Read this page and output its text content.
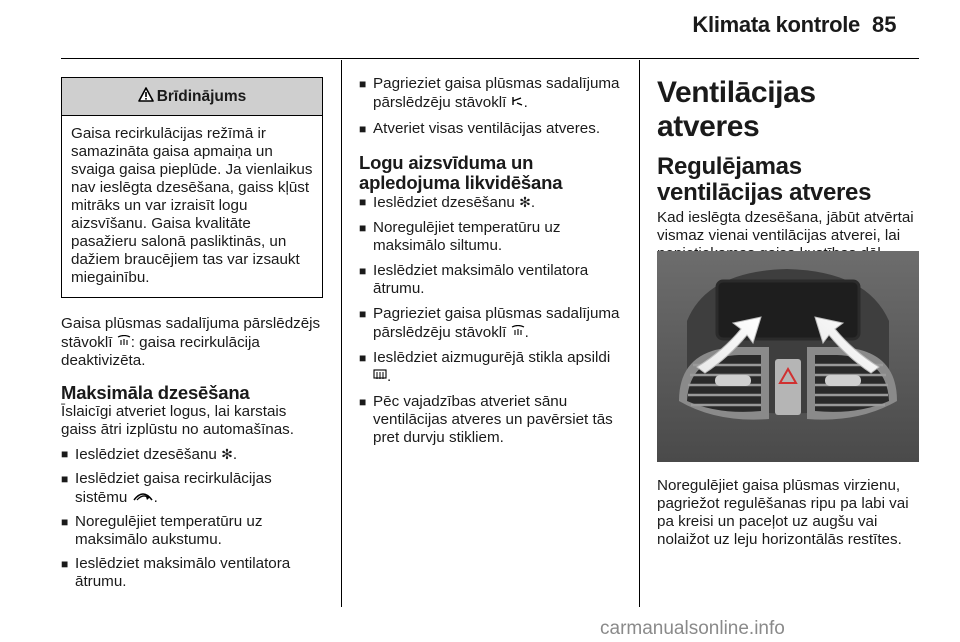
Klimata kontrole 85
Brīdinājums
Gaisa recirkulācijas režīmā ir samazināta gaisa apmaiņa un svaiga gaisa pieplūde. Ja vienlaikus nav ieslēgta dzesēšana, gaiss kļūst mitrāks un var izraisīt logu aizsvīšanu. Gaisa kvalitāte pasažieru salonā pasliktinās, un dažiem braucējiem tas var izsaukt miegainību.

Gaisa plūsmas sadalījuma pārslēdzējs stāvoklī : gaisa recirkulācija deaktivizēta.

Maksimāla dzesēšana

Īslaicīgi atveriet logus, lai karstais gaiss ātri izplūstu no automašīnas.

■ Ieslēdziet dzesēšanu ✻.
■ Ieslēdziet gaisa recirkulācijas sistēmu .
■ Noregulējiet temperatūru uz maksimālo aukstumu.
■ Ieslēdziet maksimālo ventilatora ātrumu.
■ Pagrieziet gaisa plūsmas sadalījuma pārslēdzēju stāvoklī .
■ Atveriet visas ventilācijas atveres.
Logu aizsvīduma un apledojuma likvidēšana
■ Ieslēdziet dzesēšanu ✻.
■ Noregulējiet temperatūru uz maksimālo siltumu.
■ Ieslēdziet maksimālo ventilatora ātrumu.
■ Pagrieziet gaisa plūsmas sadalījuma pārslēdzēju stāvoklī .
■ Ieslēdziet aizmugurējā stikla apsildi .
■ Pēc vajadzības atveriet sānu ventilācijas atveres un pavērsiet tās pret durvju stikliem.
Ventilācijas atveres
Regulējamas ventilācijas atveres

Kad ieslēgta dzesēšana, jābūt atvērtai vismaz vienai ventilācijas atverei, lai

Noregulējiet gaisa plūsmas virzienu, pagriežot regulēšanas ripu pa labi vai pa kreisi un paceļot uz augšu vai nolaižot uz leju horizontālās restītes.

carmanualsonline.info
